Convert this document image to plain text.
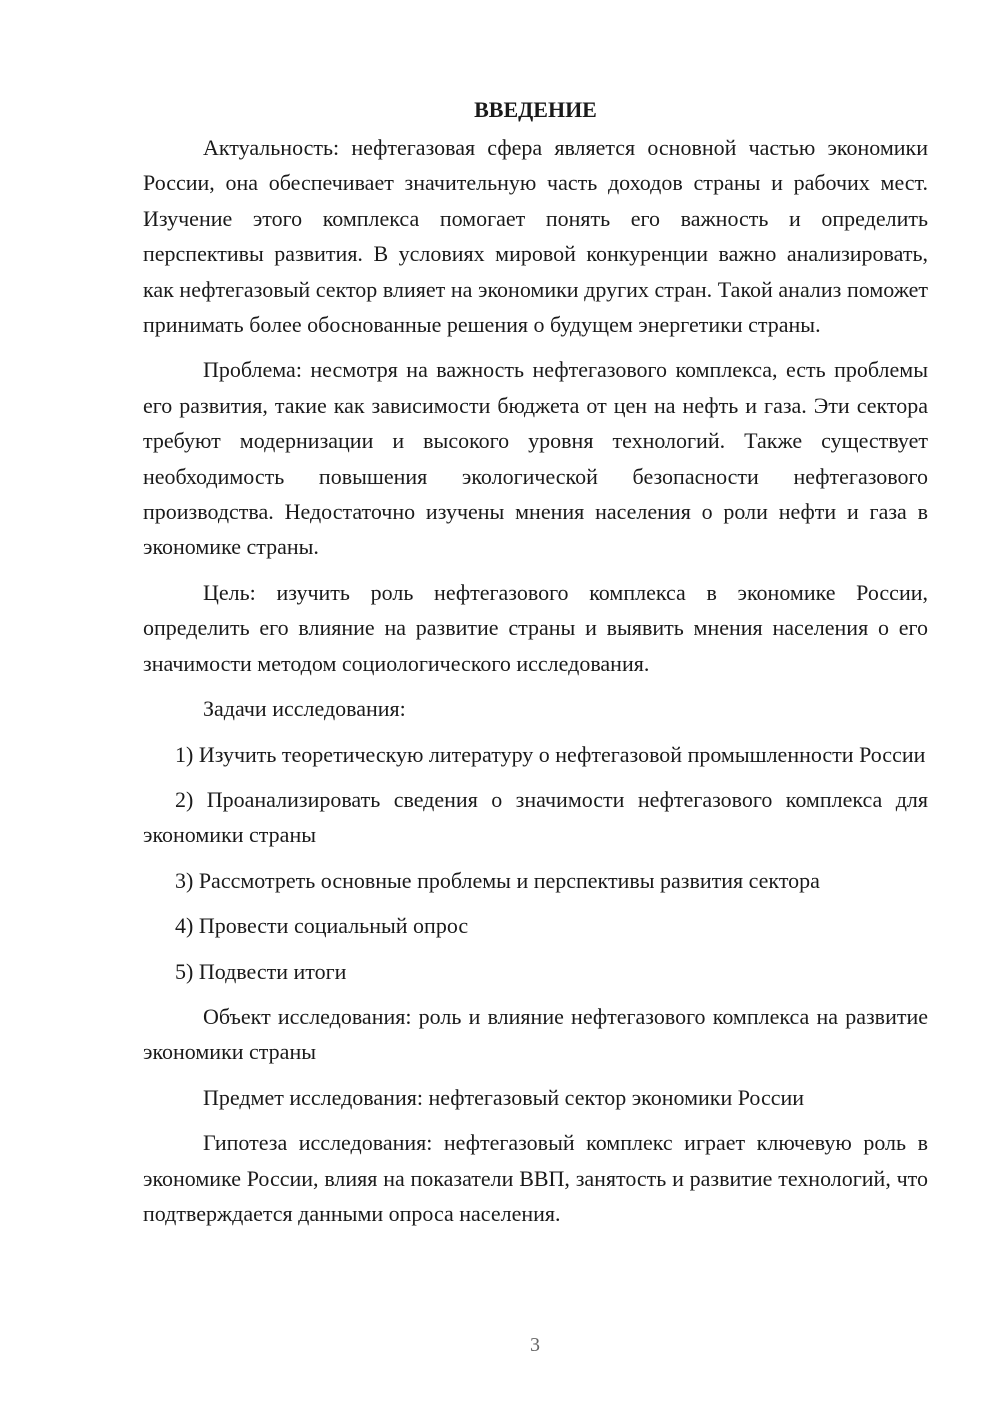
ВВЕДЕНИЕ

Актуальность: нефтегазовая сфера является основной частью экономики России, она обеспечивает значительную часть доходов страны и рабочих мест. Изучение этого комплекса помогает понять его важность и определить перспективы развития. В условиях мировой конкуренции важно анализировать, как нефтегазовый сектор влияет на экономики других стран. Такой анализ поможет принимать более обоснованные решения о будущем энергетики страны.

Проблема: несмотря на важность нефтегазового комплекса, есть проблемы его развития, такие как зависимости бюджета от цен на нефть и газа. Эти сектора требуют модернизации и высокого уровня технологий. Также существует необходимость повышения экологической безопасности нефтегазового производства. Недостаточно изучены мнения населения о роли нефти и газа в экономике страны.

Цель: изучить роль нефтегазового комплекса в экономике России, определить его влияние на развитие страны и выявить мнения населения о его значимости методом социологического исследования.

Задачи исследования:

1) Изучить теоретическую литературу о нефтегазовой промышленности России

2) Проанализировать сведения о значимости нефтегазового комплекса для экономики страны

3) Рассмотреть основные проблемы и перспективы развития сектора

4) Провести социальный опрос

5) Подвести итоги

Объект исследования: роль и влияние нефтегазового комплекса на развитие экономики страны

Предмет исследования: нефтегазовый сектор экономики России

Гипотеза исследования: нефтегазовый комплекс играет ключевую роль в экономике России, влияя на показатели ВВП, занятость и развитие технологий, что подтверждается данными опроса населения.

3
